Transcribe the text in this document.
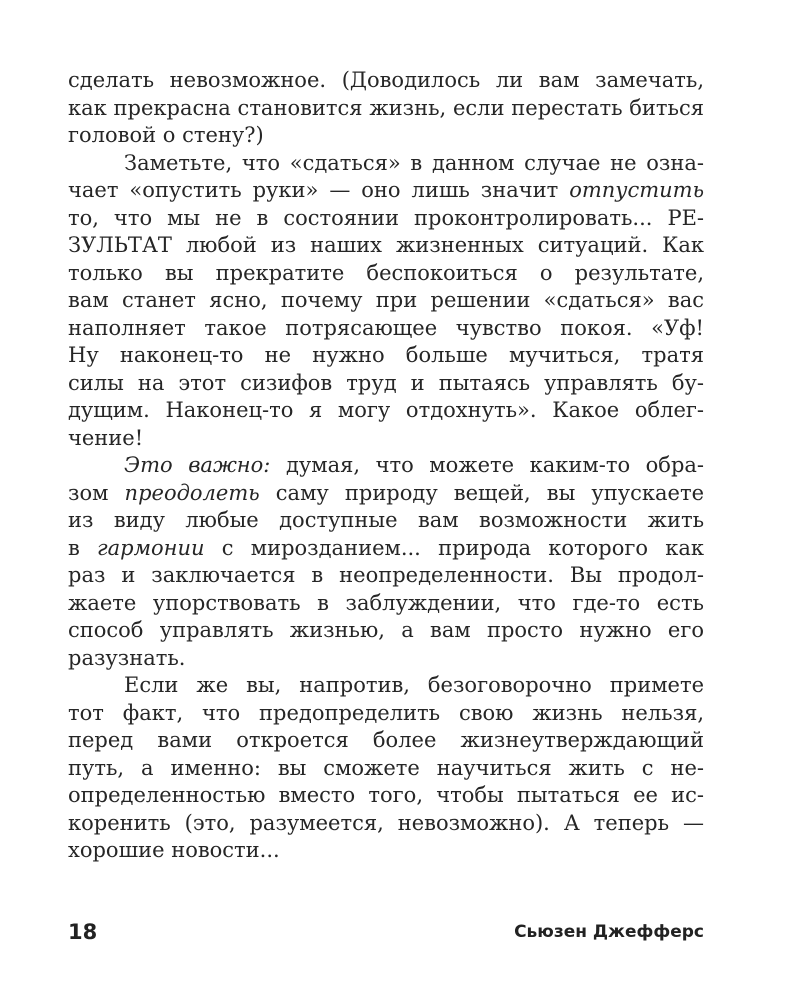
сделать невозможное. (Доводилось ли вам замечать,
как прекрасна становится жизнь, если перестать биться
головой о стену?)
Заметьте, что «сдаться» в данном случае не озна-
чает «опустить руки» — оно лишь значит отпустить
то, что мы не в состоянии проконтролировать... РЕ-
ЗУЛЬТАТ любой из наших жизненных ситуаций. Как
только вы прекратите беспокоиться о результате,
вам станет ясно, почему при решении «сдаться» вас
наполняет такое потрясающее чувство покоя. «Уф!
Ну наконец-то не нужно больше мучиться, тратя
силы на этот сизифов труд и пытаясь управлять бу-
дущим. Наконец-то я могу отдохнуть». Какое облег-
чение!
Это важно: думая, что можете каким-то обра-
зом преодолеть саму природу вещей, вы упускаете
из виду любые доступные вам возможности жить
в гармонии с мирозданием... природа которого как
раз и заключается в неопределенности. Вы продол-
жаете упорствовать в заблуждении, что где-то есть
способ управлять жизнью, а вам просто нужно его
разузнать.
Если же вы, напротив, безоговорочно примете
тот факт, что предопределить свою жизнь нельзя,
перед вами откроется более жизнеутверждающий
путь, а именно: вы сможете научиться жить с не-
определенностью вместо того, чтобы пытаться ее ис-
коренить (это, разумеется, невозможно). А теперь —
хорошие новости...
18	Сьюзен Джефферс
